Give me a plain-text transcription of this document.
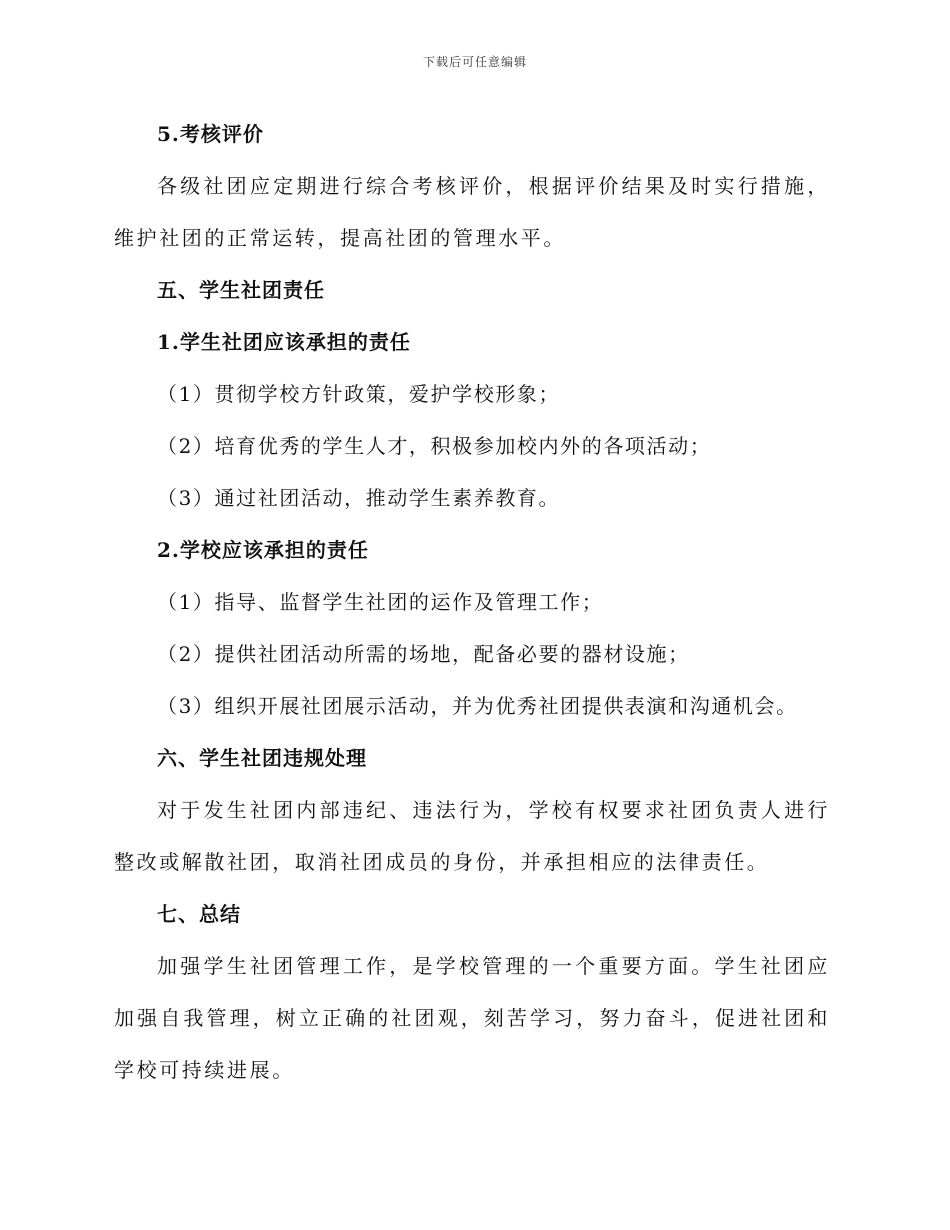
下载后可任意编辑

5.考核评价

各级社团应定期进行综合考核评价，根据评价结果及时实行措施，维护社团的正常运转，提高社团的管理水平。

五、学生社团责任

1.学生社团应该承担的责任

（1）贯彻学校方针政策，爱护学校形象；

（2）培育优秀的学生人才，积极参加校内外的各项活动；

（3）通过社团活动，推动学生素养教育。

2.学校应该承担的责任

（1）指导、监督学生社团的运作及管理工作；

（2）提供社团活动所需的场地，配备必要的器材设施；

（3）组织开展社团展示活动，并为优秀社团提供表演和沟通机会。

六、学生社团违规处理

对于发生社团内部违纪、违法行为，学校有权要求社团负责人进行整改或解散社团，取消社团成员的身份，并承担相应的法律责任。

七、总结

加强学生社团管理工作，是学校管理的一个重要方面。学生社团应加强自我管理，树立正确的社团观，刻苦学习，努力奋斗，促进社团和学校可持续进展。
